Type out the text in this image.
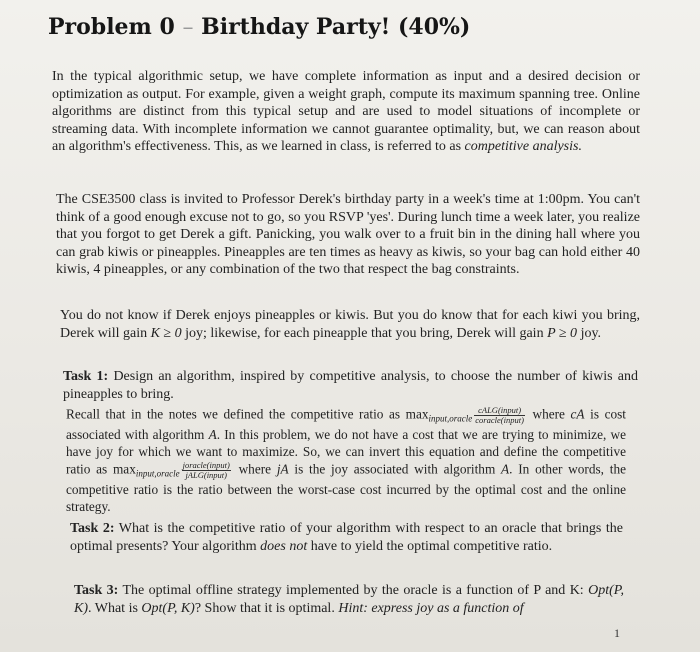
Problem 0 – Birthday Party! (40%)

In the typical algorithmic setup, we have complete information as input and a desired decision or optimization as output. For example, given a weight graph, compute its maximum spanning tree. Online algorithms are distinct from this typical setup and are used to model situations of incomplete or streaming data. With incomplete information we cannot guarantee optimality, but, we can reason about an algorithm's effectiveness. This, as we learned in class, is referred to as competitive analysis.

The CSE3500 class is invited to Professor Derek's birthday party in a week's time at 1:00pm. You can't think of a good enough excuse not to go, so you RSVP 'yes'. During lunch time a week later, you realize that you forgot to get Derek a gift. Panicking, you walk over to a fruit bin in the dining hall where you can grab kiwis or pineapples. Pineapples are ten times as heavy as kiwis, so your bag can hold either 40 kiwis, 4 pineapples, or any combination of the two that respect the bag constraints.

You do not know if Derek enjoys pineapples or kiwis. But you do know that for each kiwi you bring, Derek will gain K ≥ 0 joy; likewise, for each pineapple that you bring, Derek will gain P ≥ 0 joy.

Task 1: Design an algorithm, inspired by competitive analysis, to choose the number of kiwis and pineapples to bring.

Recall that in the notes we defined the competitive ratio as $\max_{input,oracle} \frac{\text{cALG(input)}}{\text{coracle(input)}}$ where cA is cost associated with algorithm A. In this problem, we do not have a cost that we are trying to minimize, we have joy for which we want to maximize. So, we can invert this equation and define the competitive ratio as $\max_{input,oracle} \frac{\text{joracle(input)}}{\text{jALG(input)}}$ where jA is the joy associated with algorithm A. In other words, the competitive ratio is the ratio between the worst-case cost incurred by the optimal cost and the online strategy.

Task 2: What is the competitive ratio of your algorithm with respect to an oracle that brings the optimal presents? Your algorithm does not have to yield the optimal competitive ratio.

Task 3: The optimal offline strategy implemented by the oracle is a function of P and K: Opt(P, K). What is Opt(P, K)? Show that it is optimal. Hint: express joy as a function of

1
